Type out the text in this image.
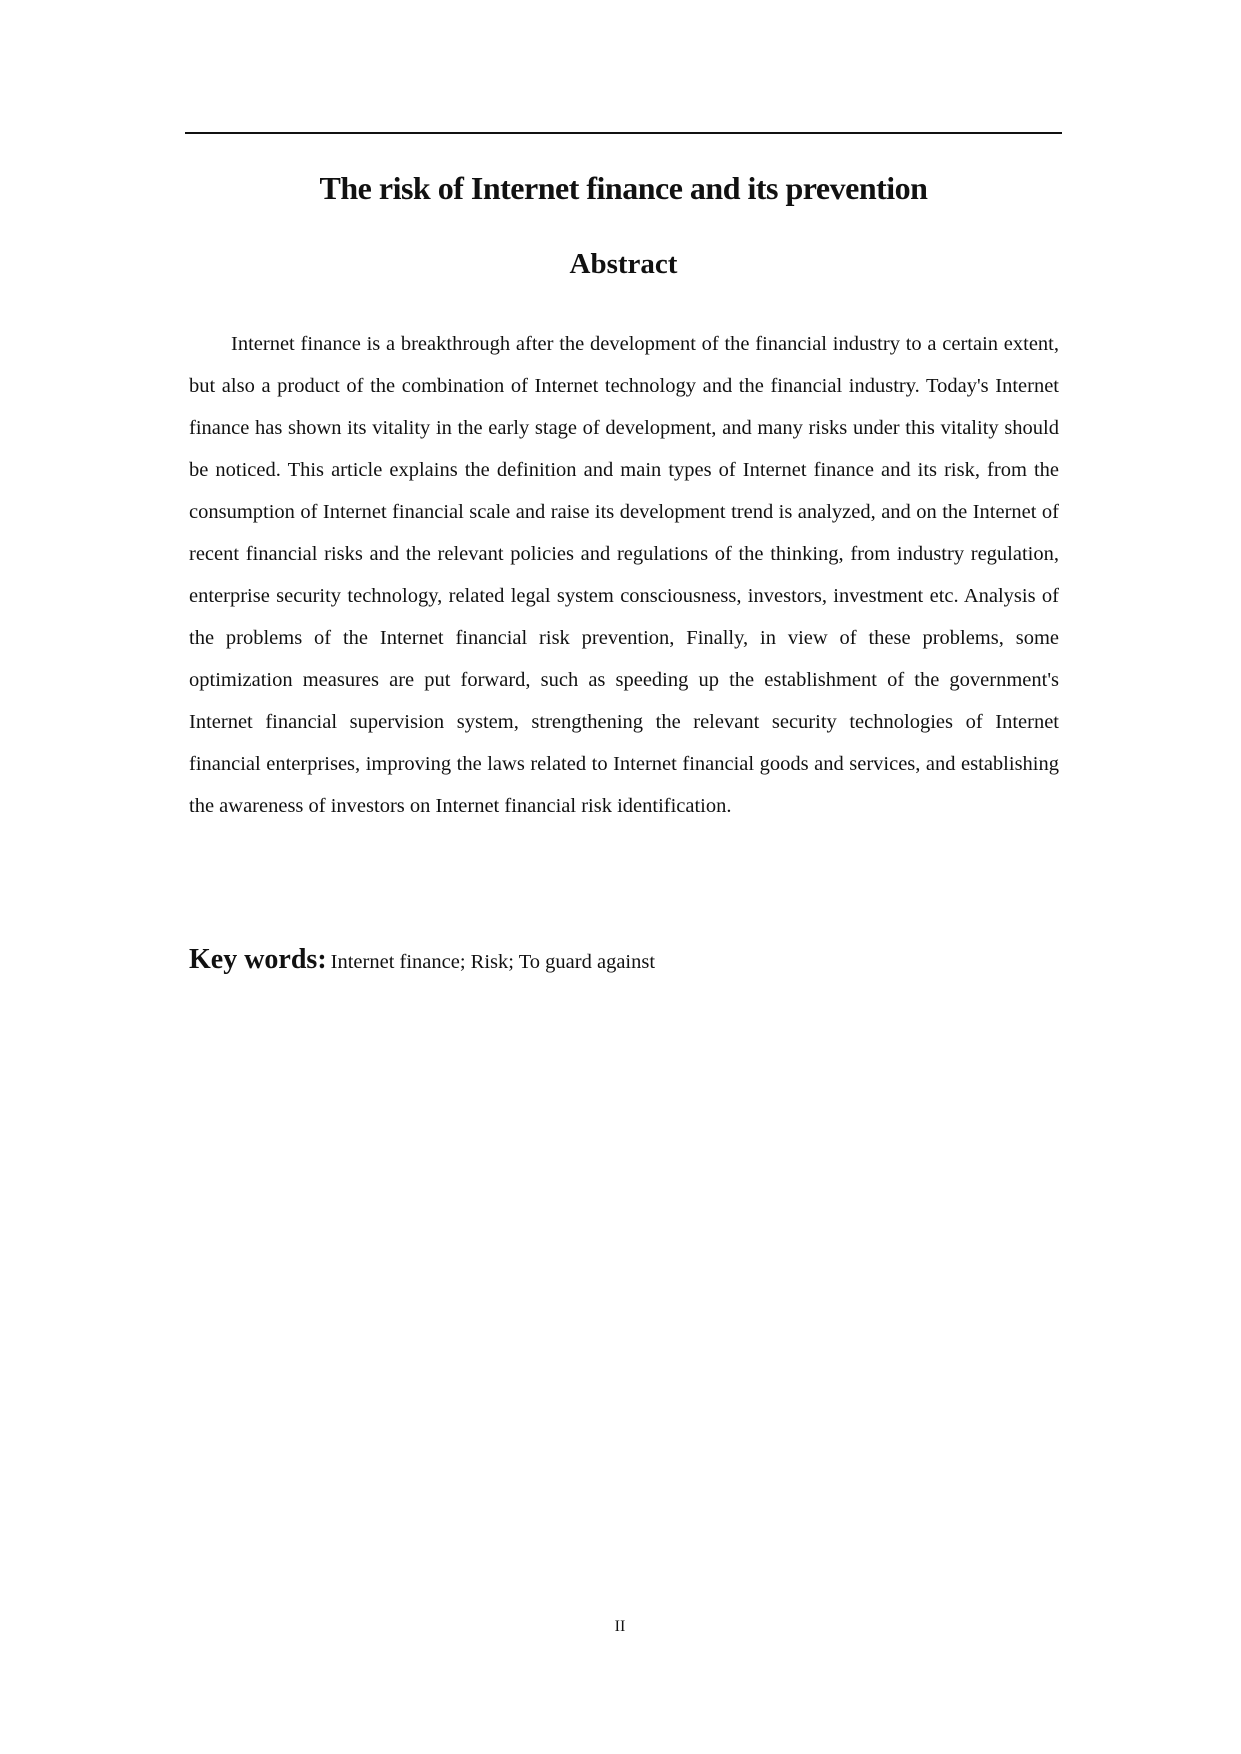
The risk of Internet finance and its prevention
Abstract

Internet finance is a breakthrough after the development of the financial industry to a certain extent, but also a product of the combination of Internet technology and the financial industry. Today's Internet finance has shown its vitality in the early stage of development, and many risks under this vitality should be noticed. This article explains the definition and main types of Internet finance and its risk, from the consumption of Internet financial scale and raise its development trend is analyzed, and on the Internet of recent financial risks and the relevant policies and regulations of the thinking, from industry regulation, enterprise security technology, related legal system consciousness, investors, investment etc. Analysis of the problems of the Internet financial risk prevention, Finally, in view of these problems, some optimization measures are put forward, such as speeding up the establishment of the government's Internet financial supervision system, strengthening the relevant security technologies of Internet financial enterprises, improving the laws related to Internet financial goods and services, and establishing the awareness of investors on Internet financial risk identification.

Key words: Internet finance; Risk; To guard against

II
